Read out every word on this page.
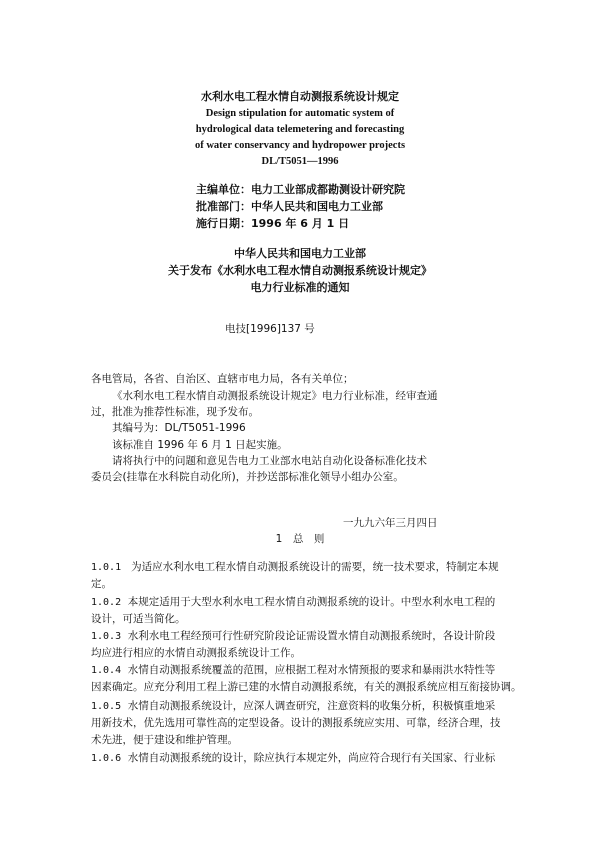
水利水电工程水情自动测报系统设计规定
Design stipulation for automatic system of
hydrological data telemetering and forecasting
of water conservancy and hydropower projects
DL/T5051—1996
主编单位：电力工业部成都勘测设计研究院
批准部门：中华人民共和国电力工业部
施行日期：1996 年 6 月 1 日
中华人民共和国电力工业部
关于发布《水利水电工程水情自动测报系统设计规定》
电力行业标准的通知
电技[1996]137 号
各电管局，各省、自治区、直辖市电力局，各有关单位；
《水利水电工程水情自动测报系统设计规定》电力行业标准，经审查通
过，批准为推荐性标准，现予发布。
其编号为：DL/T5051-1996
该标准自 1996 年 6 月 1 日起实施。
请将执行中的问题和意见告电力工业部水电站自动化设备标准化技术
委员会(挂靠在水科院自动化所)，并抄送部标准化领导小组办公室。
一九九六年三月四日
1　总　则
1.0.1 为适应水利水电工程水情自动测报系统设计的需要，统一技术要求，特制定本规
定。
1.0.2 本规定适用于大型水利水电工程水情自动测报系统的设计。中型水利水电工程的
设计，可适当简化。
1.0.3 水利水电工程经预可行性研究阶段论证需设置水情自动测报系统时，各设计阶段
均应进行相应的水情自动测报系统设计工作。
1.0.4 水情自动测报系统覆盖的范围，应根据工程对水情预报的要求和暴雨洪水特性等
因素确定。应充分利用工程上游已建的水情自动测报系统，有关的测报系统应相互衔接协调。
1.0.5 水情自动测报系统设计，应深人调查研究，注意资料的收集分析，积极慎重地采
用新技术，优先选用可靠性高的定型设备。设计的测报系统应实用、可靠，经济合理，技
术先进，便于建设和维护管理。
1.0.6 水情自动测报系统的设计，除应执行本规定外，尚应符合现行有关国家、行业标
